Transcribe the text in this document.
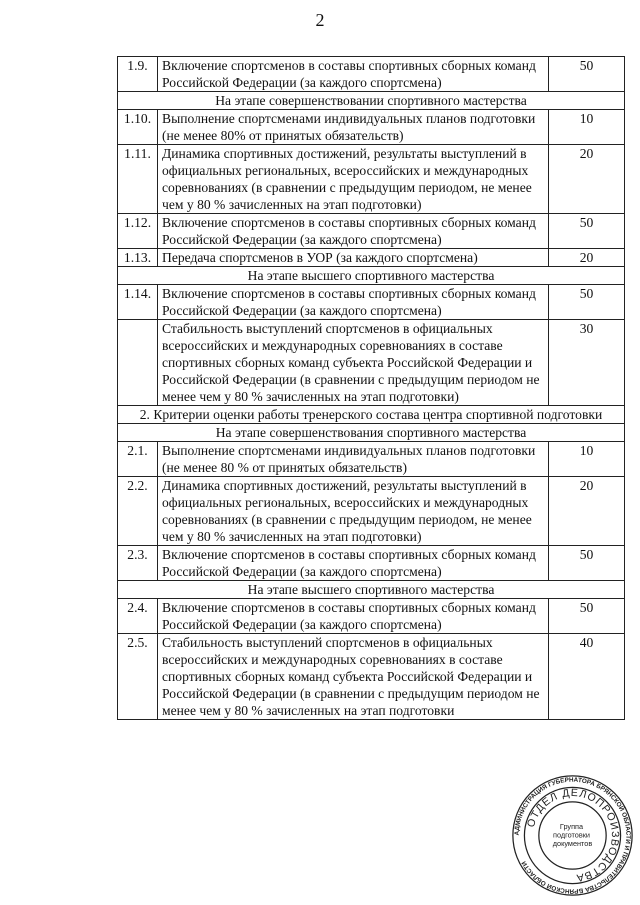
2
1.9.	Включение спортсменов в составы спортивных сборных команд Российской Федерации (за каждого спортсмена)	50
На этапе совершенствовании спортивного мастерства		
1.10.	Выполнение спортсменами индивидуальных планов подготовки (не менее 80% от принятых обязательств)	10
1.11.	Динамика спортивных достижений, результаты выступлений в официальных региональных, всероссийских и международных соревнованиях (в сравнении с предыдущим периодом, не менее чем у 80 % зачисленных на этап подготовки)	20
1.12.	Включение спортсменов в составы спортивных сборных команд Российской Федерации (за каждого спортсмена)	50
1.13.	Передача спортсменов в УОР (за каждого спортсмена)	20
На этапе высшего спортивного мастерства		
1.14.	Включение спортсменов в составы спортивных сборных команд Российской Федерации (за каждого спортсмена)	50
	Стабильность выступлений спортсменов в официальных всероссийских и международных соревнованиях в составе спортивных сборных команд субъекта Российской Федерации и Российской Федерации (в сравнении с предыдущим периодом не менее чем у 80 % зачисленных на этап подготовки)	30
2. Критерии оценки работы тренерского состава центра спортивной подготовки		
На этапе совершенствования спортивного мастерства		
2.1.	Выполнение спортсменами индивидуальных планов подготовки (не менее 80 % от принятых обязательств)	10
2.2.	Динамика спортивных достижений, результаты выступлений в официальных региональных, всероссийских и международных соревнованиях (в сравнении с предыдущим периодом, не менее чем у 80 % зачисленных на этап подготовки)	20
2.3.	Включение спортсменов в составы спортивных сборных команд Российской Федерации (за каждого спортсмена)	50
На этапе высшего спортивного мастерства		
2.4.	Включение спортсменов в составы спортивных сборных команд Российской Федерации (за каждого спортсмена)	50
2.5.	Стабильность выступлений спортсменов в официальных всероссийских и международных соревнованиях в составе спортивных сборных команд субъекта Российской Федерации и Российской Федерации (в сравнении с предыдущим периодом не менее чем у 80 % зачисленных на этап подготовки	40
АДМИНИСТРАЦИЯ ГУБЕРНАТОРА БРЯНСКОЙ ОБЛАСТИ И ПРАВИТЕЛЬСТВА БРЯНСКОЙ ОБЛАСТИ
ОТДЕЛ ДЕЛОПРОИЗВОДСТВА
Группа подготовки документов
